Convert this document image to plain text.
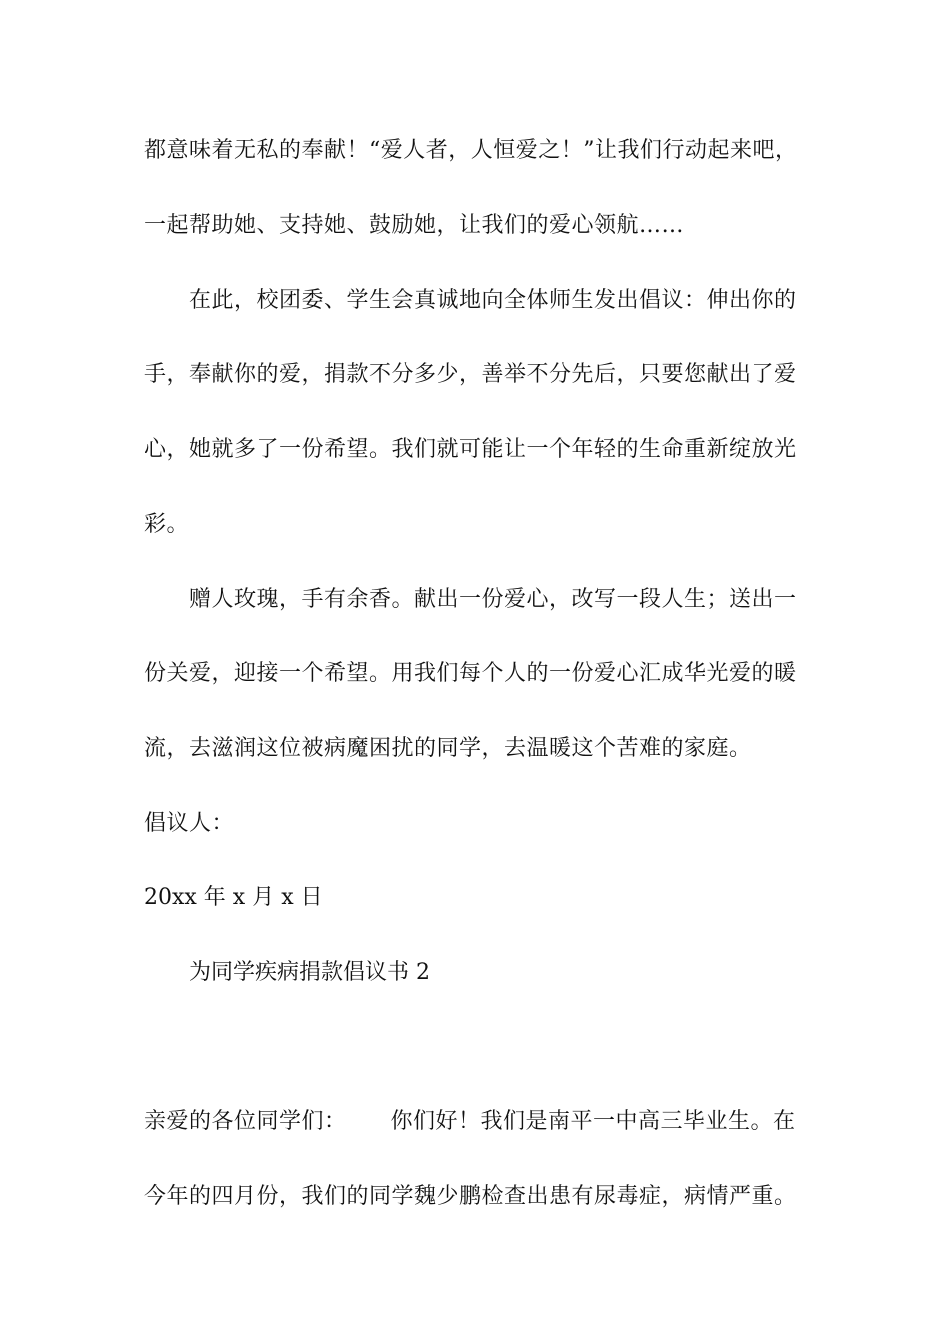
都意味着无私的奉献！“爱人者，人恒爱之！”让我们行动起来吧，
一起帮助她、支持她、鼓励她，让我们的爱心领航……
在此，校团委、学生会真诚地向全体师生发出倡议：伸出你的
手，奉献你的爱，捐款不分多少，善举不分先后，只要您献出了爱
心，她就多了一份希望。我们就可能让一个年轻的生命重新绽放光
彩。
赠人玫瑰，手有余香。献出一份爱心，改写一段人生；送出一
份关爱，迎接一个希望。用我们每个人的一份爱心汇成华光爱的暖
流，去滋润这位被病魔困扰的同学，去温暖这个苦难的家庭。
倡议人：
20xx 年 x 月 x 日
为同学疾病捐款倡议书 2
亲爱的各位同学们： 你们好！我们是南平一中高三毕业生。在
今年的四月份，我们的同学魏少鹏检查出患有尿毒症，病情严重。
